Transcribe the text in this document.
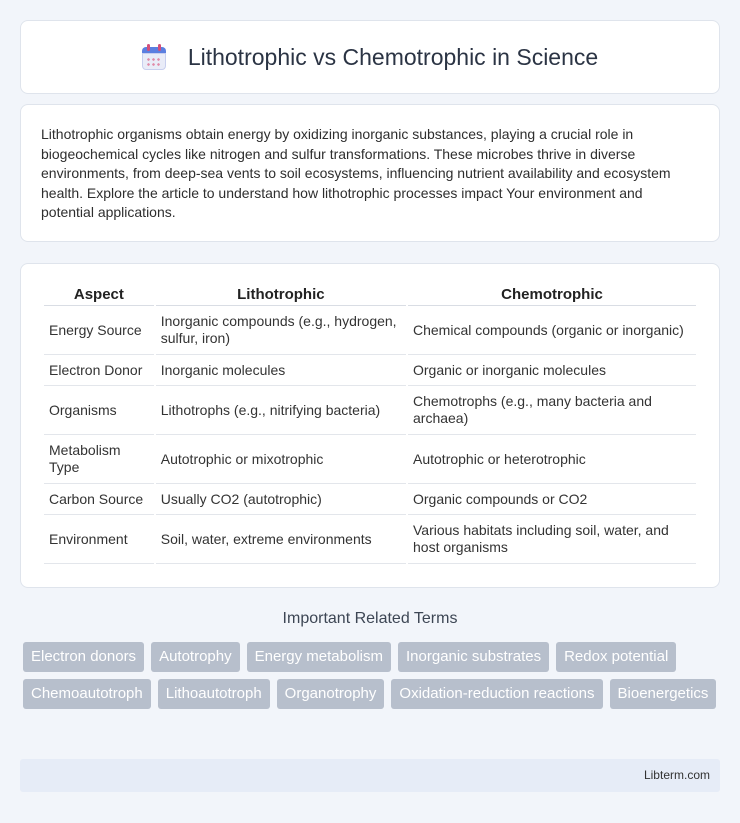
Lithotrophic vs Chemotrophic in Science

Lithotrophic organisms obtain energy by oxidizing inorganic substances, playing a crucial role in biogeochemical cycles like nitrogen and sulfur transformations. These microbes thrive in diverse environments, from deep-sea vents to soil ecosystems, influencing nutrient availability and ecosystem health. Explore the article to understand how lithotrophic processes impact Your environment and potential applications.

Aspect	Lithotrophic	Chemotrophic
Energy Source	Inorganic compounds (e.g., hydrogen, sulfur, iron)	Chemical compounds (organic or inorganic)
Electron Donor	Inorganic molecules	Organic or inorganic molecules
Organisms	Lithotrophs (e.g., nitrifying bacteria)	Chemotrophs (e.g., many bacteria and archaea)
Metabolism Type	Autotrophic or mixotrophic	Autotrophic or heterotrophic
Carbon Source	Usually CO2 (autotrophic)	Organic compounds or CO2
Environment	Soil, water, extreme environments	Various habitats including soil, water, and host organisms
Important Related Terms
Electron donors	Autotrophy	Energy metabolism	Inorganic substrates	Redox potential
Chemoautotroph	Lithoautotroph	Organotrophy	Oxidation-reduction reactions	Bioenergetics
Libterm.com
